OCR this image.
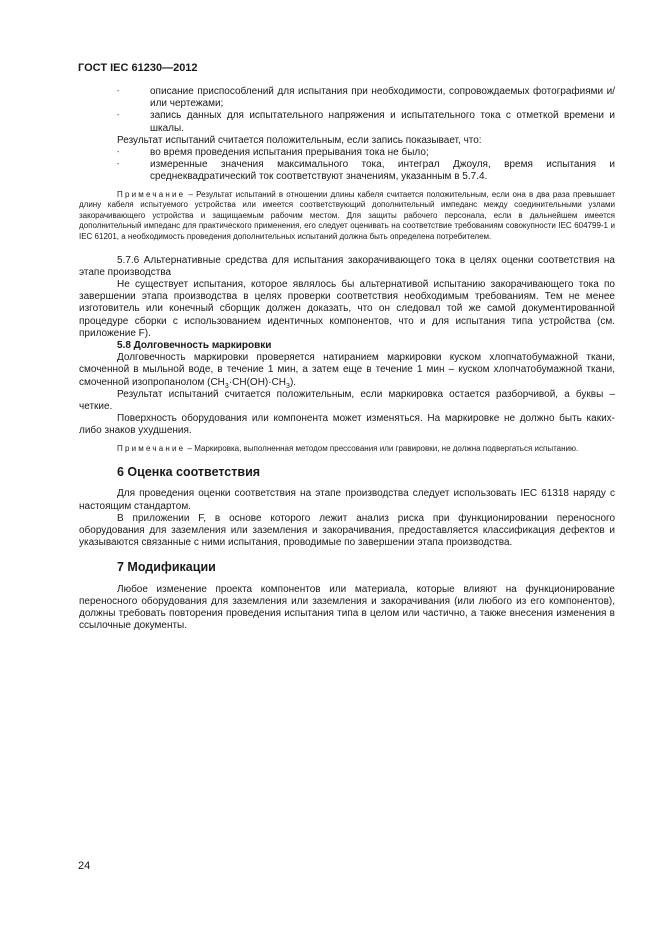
ГОСТ IEC 61230—2012

-	описание приспособлений для испытания при необходимости, сопровождаемых фотографиями и/или чертежами;

-	запись данных для испытательного напряжения и испытательного тока с отметкой времени и шкалы.

Результат испытаний считается положительным, если запись показывает, что:

-	во время проведения испытания прерывания тока не было;

-	измеренные значения максимального тока, интеграл Джоуля, время испытания и среднеквадратический ток соответствуют значениям, указанным в 5.7.4.

Примечание – Результат испытаний в отношении длины кабеля считается положительным, если она в два раза превышает длину кабеля испытуемого устройства или имеется соответствующий дополнительный импеданс между соединительными узлами закорачивающего устройства и защищаемым рабочим местом. Для защиты рабочего персонала, если в дальнейшем имеется дополнительный импеданс для практического применения, его следует оценивать на соответствие требованиям совокупности IEC 604799-1 и IEC 61201, а необходимость проведения дополнительных испытаний должна быть определена потребителем.

5.7.6 Альтернативные средства для испытания закорачивающего тока в целях оценки соответствия на этапе производства

Не существует испытания, которое являлось бы альтернативой испытанию закорачивающего тока по завершении этапа производства в целях проверки соответствия необходимым требованиям. Тем не менее изготовитель или конечный сборщик должен доказать, что он следовал той же самой документированной процедуре сборки с использованием идентичных компонентов, что и для испытания типа устройства (см. приложение F).

5.8 Долговечность маркировки

Долговечность маркировки проверяется натиранием маркировки куском хлопчатобумажной ткани, смоченной в мыльной воде, в течение 1 мин, а затем еще в течение 1 мин – куском хлопчатобумажной ткани, смоченной изопропанолом $(CH_3\cdot CH(OH)\cdot CH_3)$.

Результат испытаний считается положительным, если маркировка остается разборчивой, а буквы – четкие.

Поверхность оборудования или компонента может изменяться. На маркировке не должно быть каких-либо знаков ухудшения.

Примечание – Маркировка, выполненная методом прессования или гравировки, не должна подвергаться испытанию.

6 Оценка соответствия

Для проведения оценки соответствия на этапе производства следует использовать IEC 61318 наряду с настоящим стандартом.

В приложении F, в основе которого лежит анализ риска при функционировании переносного оборудования для заземления или заземления и закорачивания, предоставляется классификация дефектов и указываются связанные с ними испытания, проводимые по завершении этапа производства.

7 Модификации

Любое изменение проекта компонентов или материала, которые влияют на функционирование переносного оборудования для заземления или заземления и закорачивания (или любого из его компонентов), должны требовать повторения проведения испытания типа в целом или частично, а также внесения изменения в ссылочные документы.

24
